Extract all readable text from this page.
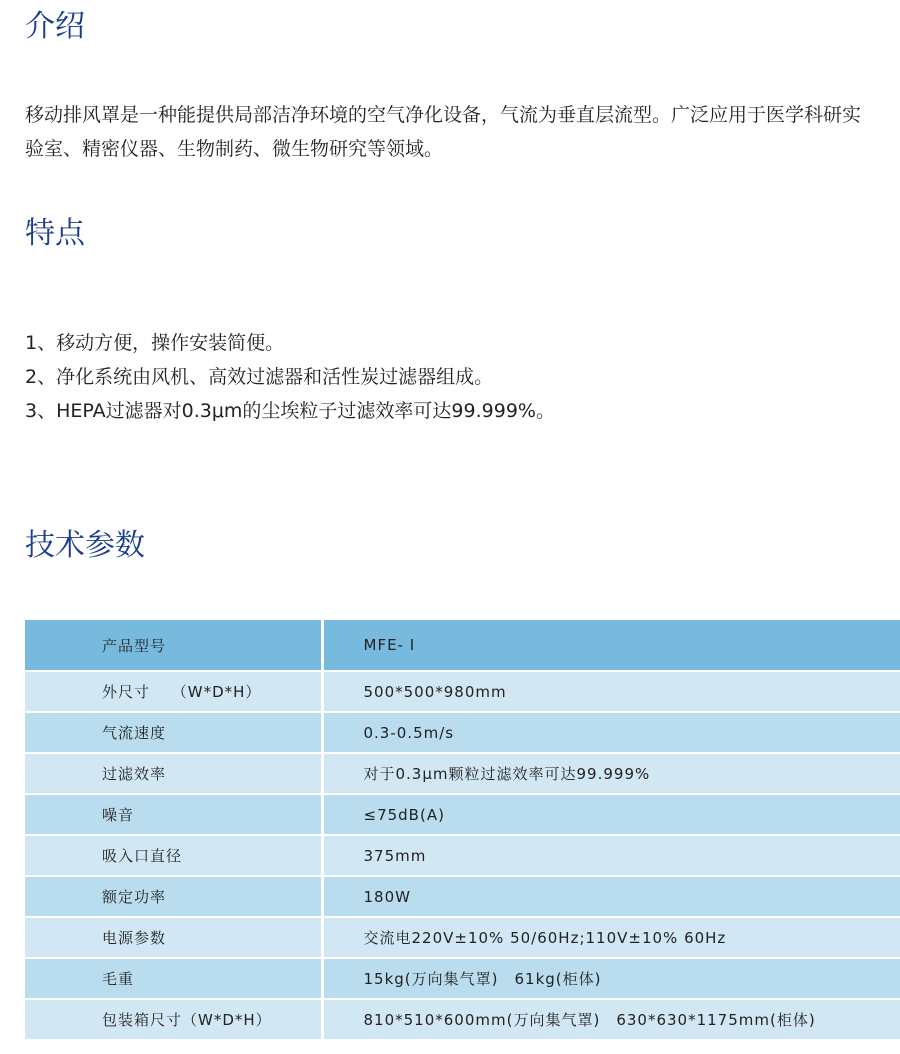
介绍

移动排风罩是一种能提供局部洁净环境的空气净化设备，气流为垂直层流型。广泛应用于医学科研实验室、精密仪器、生物制药、微生物研究等领域。

特点
1、移动方便，操作安装简便。
2、净化系统由风机、高效过滤器和活性炭过滤器组成。
3、HEPA过滤器对0.3μm的尘埃粒子过滤效率可达99.999%。
技术参数
产品型号	MFE- I
外尺寸　 （W*D*H）	500*500*980mm
气流速度	0.3-0.5m/s
过滤效率	对于0.3μm颗粒过滤效率可达99.999%
噪音	≤75dB(A)
吸入口直径	375mm
额定功率	180W
电源参数	交流电220V±10% 50/60Hz;110V±10% 60Hz
毛重	15kg(万向集气罩)　61kg(柜体)
包装箱尺寸（W*D*H）	810*510*600mm(万向集气罩)　630*630*1175mm(柜体)
